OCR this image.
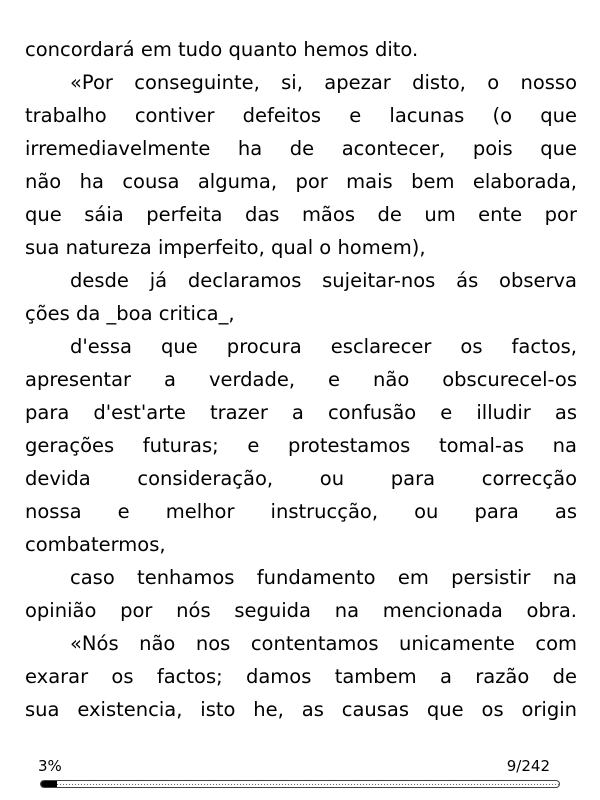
concordará em tudo quanto hemos dito.
«Por conseguinte, si, apezar disto, o nosso
trabalho contiver defeitos e lacunas (o que
irremediavelmente ha de acontecer, pois que
não ha cousa alguma, por mais bem elaborada,
que sáia perfeita das mãos de um ente por
sua natureza imperfeito, qual o homem),
desde já declaramos sujeitar-nos ás observa
ções da _boa critica_,
d'essa que procura esclarecer os factos,
apresentar a verdade, e não obscurecel-os
para d'est'arte trazer a confusão e illudir as
gerações futuras; e protestamos tomal-as na
devida consideração, ou para correcção
nossa e melhor instrucção, ou para as
combatermos,
caso tenhamos fundamento em persistir na
opinião por nós seguida na mencionada obra.
«Nós não nos contentamos unicamente com
exarar os factos; damos tambem a razão de
sua existencia, isto he, as causas que os origin
3%	9/242
